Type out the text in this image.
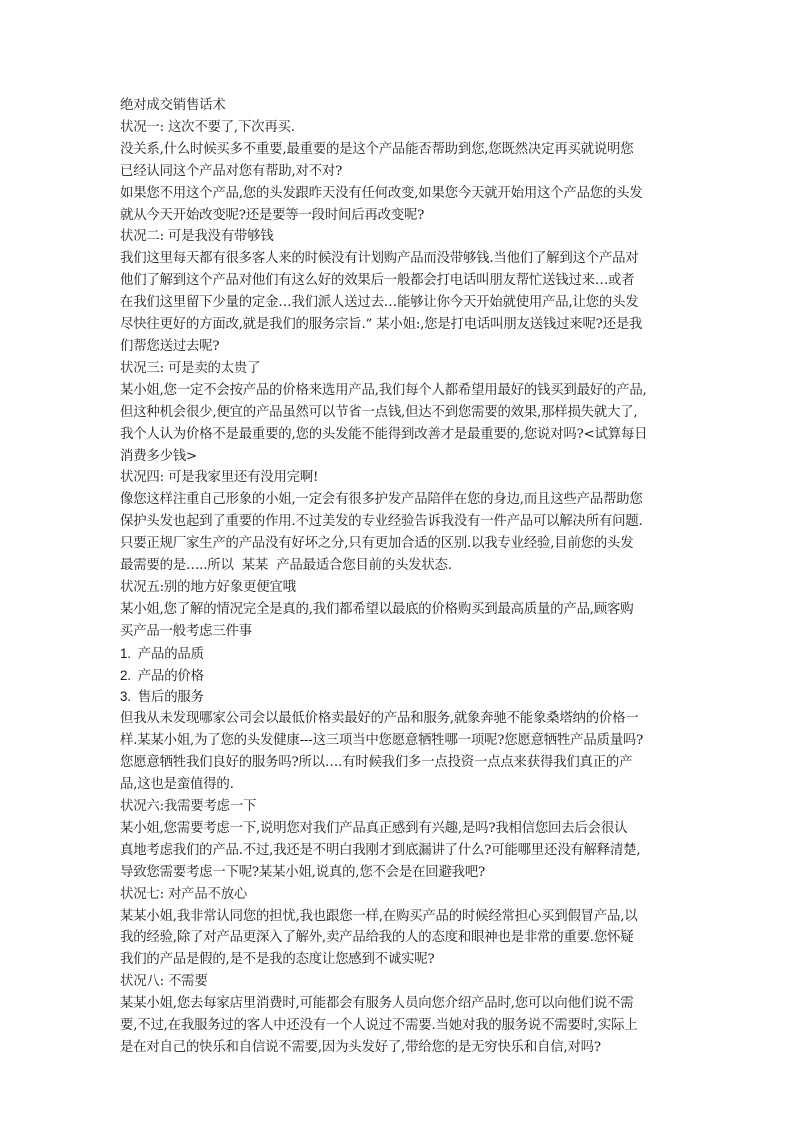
绝对成交销售话术
状况一: 这次不要了,下次再买.
没关系,什么时候买多不重要,最重要的是这个产品能否帮助到您,您既然决定再买就说明您
已经认同这个产品对您有帮助,对不对?
如果您不用这个产品,您的头发跟昨天没有任何改变,如果您今天就开始用这个产品您的头发
就从今天开始改变呢?还是要等一段时间后再改变呢?
状况二: 可是我没有带够钱
我们这里每天都有很多客人来的时候没有计划购产品而没带够钱.当他们了解到这个产品对
他们了解到这个产品对他们有这么好的效果后一般都会打电话叫朋友帮忙送钱过来…或者
在我们这里留下少量的定金…我们派人送过去…能够让你今天开始就使用产品,让您的头发
尽快往更好的方面改,就是我们的服务宗旨.” 某小姐:,您是打电话叫朋友送钱过来呢?还是我
们帮您送过去呢?
状况三: 可是卖的太贵了
某小姐,您一定不会按产品的价格来选用产品,我们每个人都希望用最好的钱买到最好的产品,
但这种机会很少,便宜的产品虽然可以节省一点钱,但达不到您需要的效果,那样损失就大了,
我个人认为价格不是最重要的,您的头发能不能得到改善才是最重要的,您说对吗?<试算每日
消费多少钱>
状况四: 可是我家里还有没用完啊!
像您这样注重自己形象的小姐,一定会有很多护发产品陪伴在您的身边,而且这些产品帮助您
保护头发也起到了重要的作用.不过美发的专业经验告诉我没有一件产品可以解决所有问题.
只要正规厂家生产的产品没有好坏之分,只有更加合适的区别.以我专业经验,目前您的头发
最需要的是…..所以  某某  产品最适合您目前的头发状态.
状况五:别的地方好象更便宜哦
某小姐,您了解的情况完全是真的,我们都希望以最底的价格购买到最高质量的产品,顾客购
买产品一般考虑三件事
1.  产品的品质
2.  产品的价格
3.  售后的服务
但我从未发现哪家公司会以最低价格卖最好的产品和服务,就象奔驰不能象桑塔纳的价格一
样.某某小姐,为了您的头发健康---这三项当中您愿意牺牲哪一项呢?您愿意牺牲产品质量吗?
您愿意牺牲我们良好的服务吗?所以….有时候我们多一点投资一点点来获得我们真正的产
品,这也是蛮值得的.
状况六:我需要考虑一下
某小姐,您需要考虑一下,说明您对我们产品真正感到有兴趣,是吗?我相信您回去后会很认
真地考虑我们的产品.不过,我还是不明白我刚才到底漏讲了什么?可能哪里还没有解释清楚,
导致您需要考虑一下呢?某某小姐,说真的,您不会是在回避我吧?
状况七: 对产品不放心
某某小姐,我非常认同您的担忧,我也跟您一样,在购买产品的时候经常担心买到假冒产品,以
我的经验,除了对产品更深入了解外,卖产品给我的人的态度和眼神也是非常的重要.您怀疑
我们的产品是假的,是不是我的态度让您感到不诚实呢?
状况八: 不需要
某某小姐,您去每家店里消费时,可能都会有服务人员向您介绍产品时,您可以向他们说不需
要,不过,在我服务过的客人中还没有一个人说过不需要.当她对我的服务说不需要时,实际上
是在对自己的快乐和自信说不需要,因为头发好了,带给您的是无穷快乐和自信,对吗?
